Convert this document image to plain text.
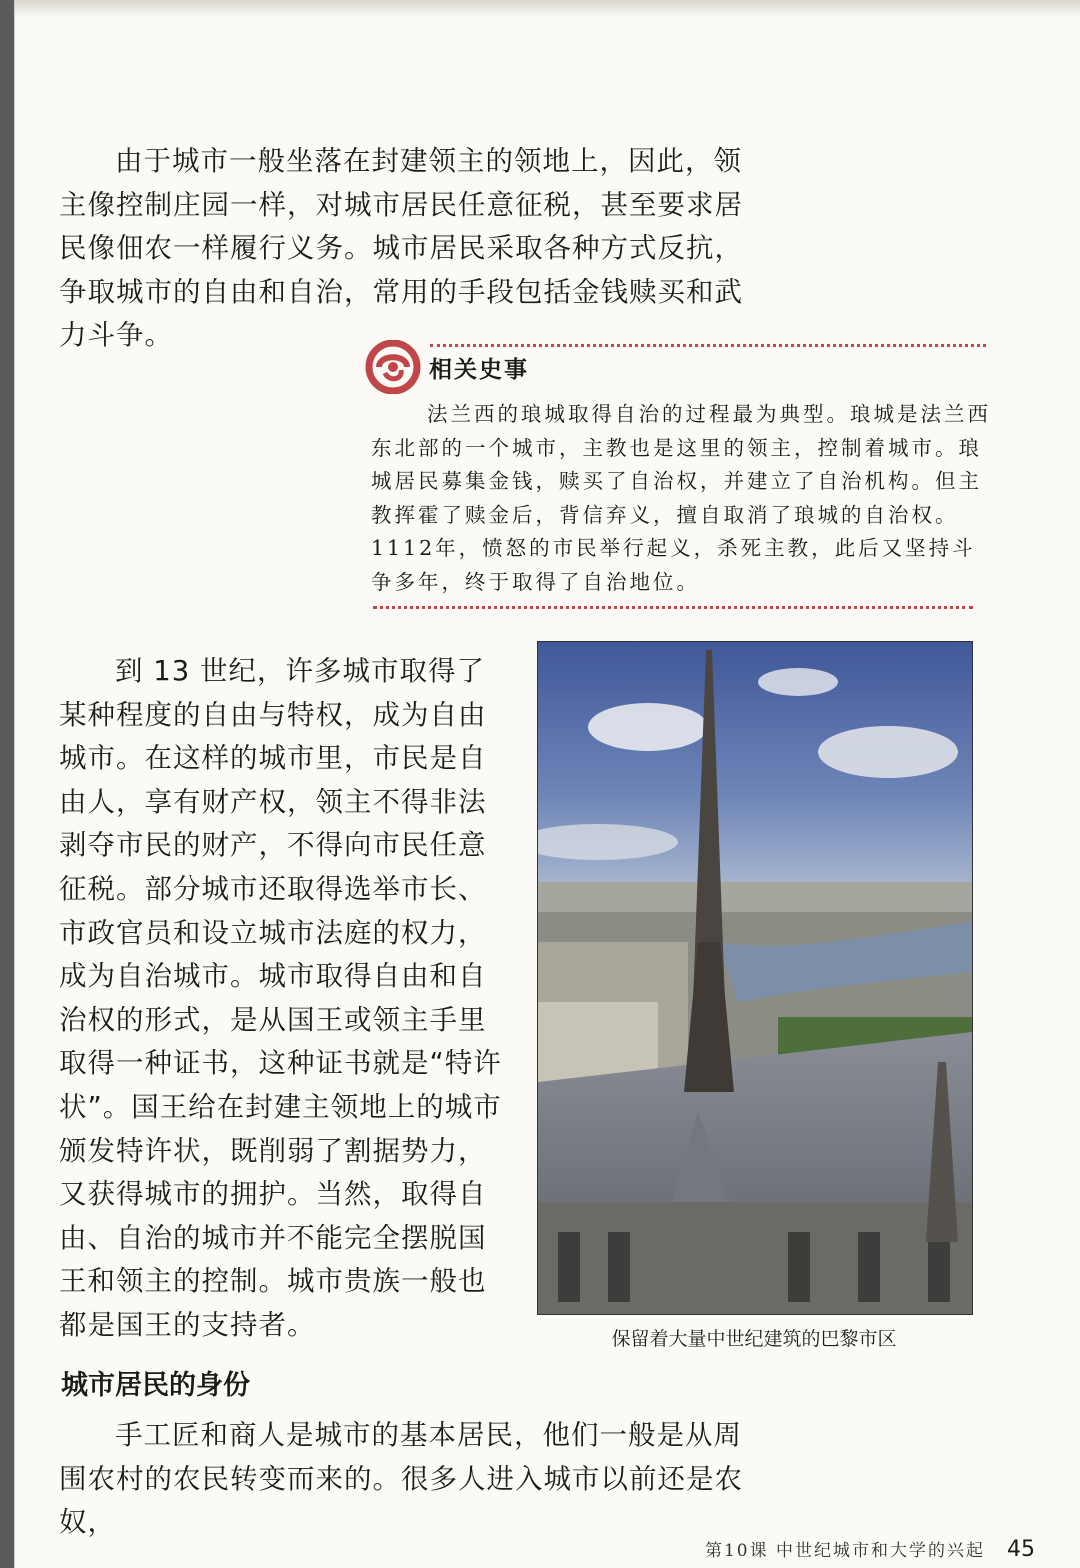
由于城市一般坐落在封建领主的领地上，因此，领主像控制庄园一样，对城市居民任意征税，甚至要求居民像佃农一样履行义务。城市居民采取各种方式反抗，争取城市的自由和自治，常用的手段包括金钱赎买和武力斗争。

相关史事

法兰西的琅城取得自治的过程最为典型。琅城是法兰西东北部的一个城市，主教也是这里的领主，控制着城市。琅城居民募集金钱，赎买了自治权，并建立了自治机构。但主教挥霍了赎金后，背信弃义，擅自取消了琅城的自治权。1112年，愤怒的市民举行起义，杀死主教，此后又坚持斗争多年，终于取得了自治地位。

到 13 世纪，许多城市取得了某种程度的自由与特权，成为自由城市。在这样的城市里，市民是自由人，享有财产权，领主不得非法剥夺市民的财产，不得向市民任意征税。部分城市还取得选举市长、市政官员和设立城市法庭的权力，成为自治城市。城市取得自由和自治权的形式，是从国王或领主手里取得一种证书，这种证书就是“特许状”。国王给在封建主领地上的城市颁发特许状，既削弱了割据势力，又获得城市的拥护。当然，取得自由、自治的城市并不能完全摆脱国王和领主的控制。城市贵族一般也都是国王的支持者。	保留着大量中世纪建筑的巴黎市区
城市居民的身份

手工匠和商人是城市的基本居民，他们一般是从周围农村的农民转变而来的。很多人进入城市以前还是农奴，

第10课 中世纪城市和大学的兴起 45
